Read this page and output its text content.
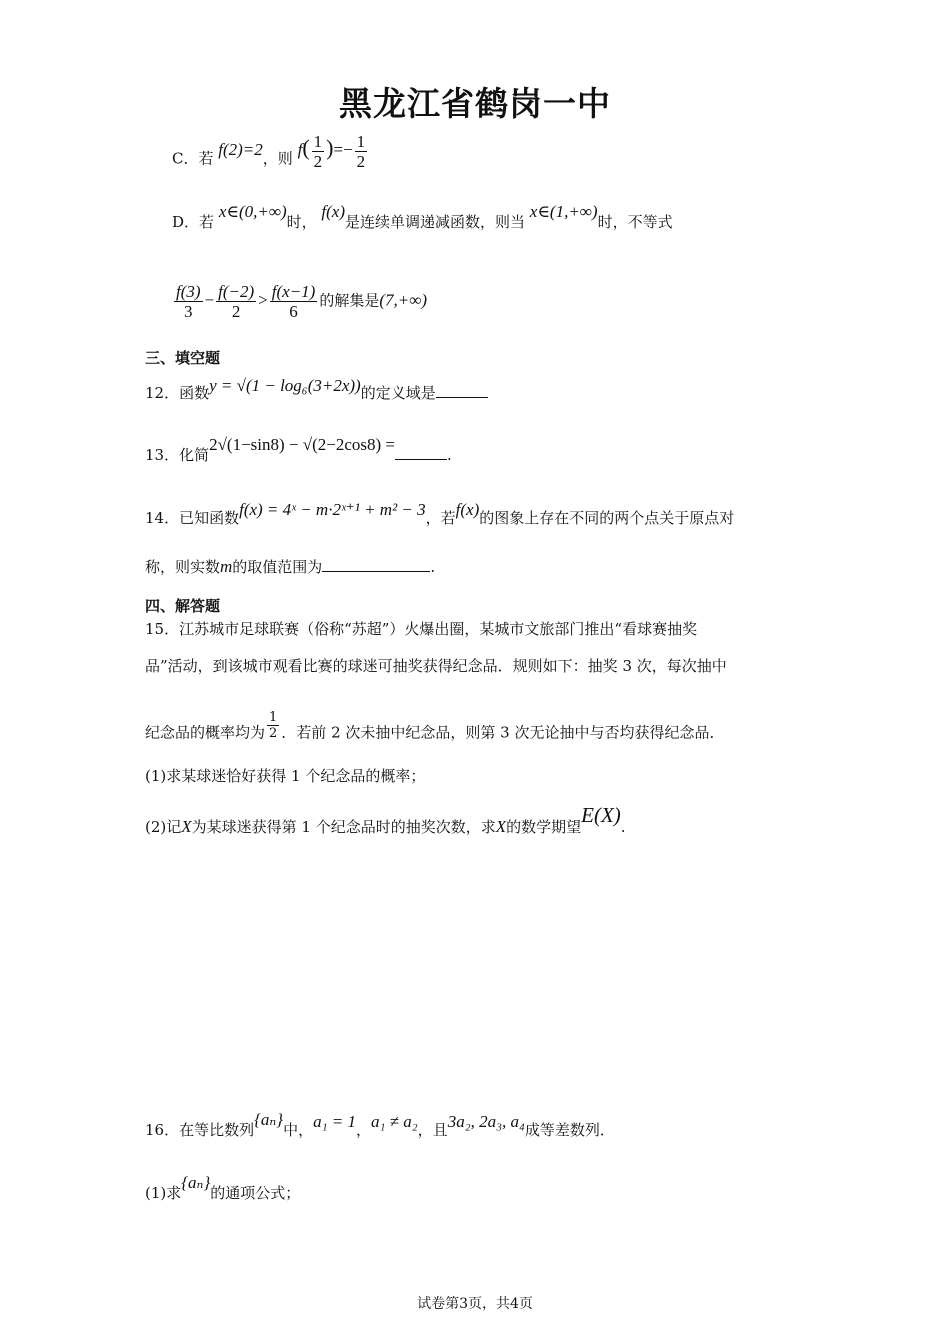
黑龙江省鹤岗一中
C．若 f(2)=2，则 $f( \frac{1}{2}$ )=− $\frac{1}{2}$
D．若 x∈(0,+∞)时， f(x)是连续单调递减函数，则当 x∈(1,+∞)时，不等式
$\frac{f(3)}{3} - \frac{f(-2)}{2} > \frac{f(x-1)}{6}$ 的解集是(7,+∞)
三、填空题
12．函数y = √(1 − log₆(3+2x))的定义域是
13．化简2√(1−sin8) − √(2−2cos8) =.
14．已知函数f(x) = 4ˣ − m·2ˣ⁺¹ + m² − 3，若f(x)的图象上存在不同的两个点关于原点对
称，则实数m的取值范围为	.
四、解答题
15．江苏城市足球联赛（俗称“苏超”）火爆出圈，某城市文旅部门推出“看球赛抽奖
品”活动，到该城市观看比赛的球迷可抽奖获得纪念品．规则如下：抽奖 3 次，每次抽中
纪念品的概率均为 $\frac{1}{2}$ ．若前 2 次未抽中纪念品，则第 3 次无论抽中与否均获得纪念品．
(1)求某球迷恰好获得 1 个纪念品的概率；
(2)记X为某球迷获得第 1 个纪念品时的抽奖次数，求X的数学期望E(X).
16．在等比数列{aₙ}中，a₁ = 1，a₁ ≠ a₂，且3a₂, 2a₃, a₄成等差数列．
(1)求{aₙ}的通项公式；
试卷第3页，共4页
